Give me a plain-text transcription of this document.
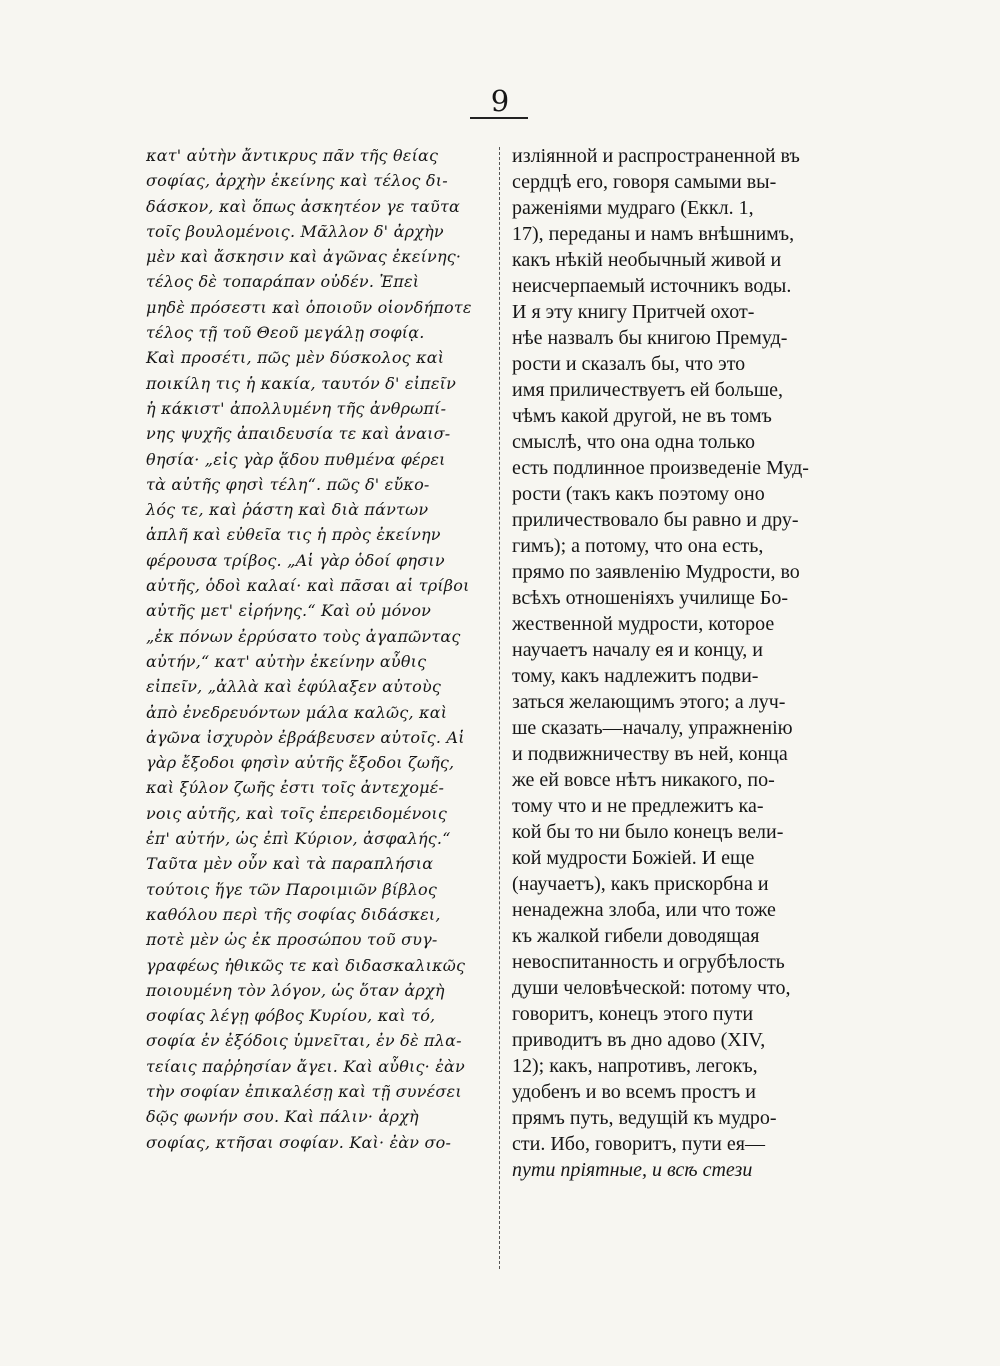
9
κατ' αὐτὴν ἄντικρυς πᾶν τῆς θείας
σοφίας, ἀρχὴν ἐκείνης καὶ τέλος δι-
δάσκον, καὶ ὅπως ἀσκητέον γε ταῦτα
τοῖς βουλομένοις. Μᾶλλον δ' ἀρχὴν
μὲν καὶ ἄσκησιν καὶ ἀγῶνας ἐκείνης·
τέλος δὲ τοπαράπαν οὐδέν. Ἐπεὶ
μηδὲ πρόσεστι καὶ ὁποιοῦν οἱονδήποτε
τέλος τῇ τοῦ Θεοῦ μεγάλῃ σοφίᾳ.
Καὶ προσέτι, πῶς μὲν δύσκολος καὶ
ποικίλη τις ἡ κακία, ταυτόν δ' εἰπεῖν
ἡ κάκιστ' ἀπολλυμένη τῆς ἀνθρωπί-
νης ψυχῆς ἀπαιδευσία τε καὶ ἀναισ-
θησία· „εἰς γὰρ ᾅδου πυθμένα φέρει
τὰ αὐτῆς φησὶ τέλη“. πῶς δ' εὔκο-
λός τε, καὶ ῥάστη καὶ διὰ πάντων
ἁπλῆ καὶ εὐθεῖα τις ἡ πρὸς ἐκείνην
φέρουσα τρίβος. „Αἱ γὰρ ὁδοί φησιν
αὐτῆς, ὁδοὶ καλαί· καὶ πᾶσαι αἱ τρίβοι
αὐτῆς μετ' εἰρήνης.“ Καὶ οὐ μόνον
„ἐκ πόνων ἐρρύσατο τοὺς ἀγαπῶντας
αὐτήν,“ κατ' αὐτὴν ἐκείνην αὖθις
εἰπεῖν, „ἀλλὰ καὶ ἐφύλαξεν αὐτοὺς
ἀπὸ ἐνεδρευόντων μάλα καλῶς, καὶ
ἀγῶνα ἰσχυρὸν ἐβράβευσεν αὐτοῖς. Αἱ
γὰρ ἔξοδοι φησὶν αὐτῆς ἔξοδοι ζωῆς,
καὶ ξύλον ζωῆς ἐστι τοῖς ἀντεχομέ-
νοις αὐτῆς, καὶ τοῖς ἐπερειδομένοις
ἐπ' αὐτήν, ὡς ἐπὶ Κύριον, ἀσφαλής.“
Ταῦτα μὲν οὖν καὶ τὰ παραπλήσια
τούτοις ἥγε τῶν Παροιμιῶν βίβλος
καθόλου περὶ τῆς σοφίας διδάσκει,
ποτὲ μὲν ὡς ἐκ προσώπου τοῦ συγ-
γραφέως ἠθικῶς τε καὶ διδασκαλικῶς
ποιουμένη τὸν λόγον, ὡς ὅταν ἀρχὴ
σοφίας λέγῃ φόβος Κυρίου, καὶ τό,
σοφία ἐν ἐξόδοις ὑμνεῖται, ἐν δὲ πλα-
τείαις παῤῥησίαν ἄγει. Καὶ αὖθις· ἐὰν
τὴν σοφίαν ἐπικαλέσῃ καὶ τῇ συνέσει
δῷς φωνήν σου. Καὶ πάλιν· ἀρχὴ
σοφίας, κτῆσαι σοφίαν. Καὶ· ἐὰν σο-
излiянной и распространенной въ
сердцѣ его, говоря самыми вы-
раженiями мудраго (Еккл. 1,
17), переданы и намъ внѣшнимъ,
какъ нѣкiй необычный живой и
неисчерпаемый источникъ воды.
И я эту книгу Притчей охот-
нѣе назвалъ бы книгою Премуд-
рости и сказалъ бы, что это
имя приличествуетъ ей больше,
чѣмъ какой другой, не въ томъ
смыслѣ, что она одна только
есть подлинное произведенiе Муд-
рости (такъ какъ поэтому оно
приличествовало бы равно и дру-
гимъ); а потому, что она есть,
прямо по заявленiю Мудрости, во
всѣхъ отношенiяхъ училище Бо-
жественной мудрости, которое
научаетъ началу ея и концу, и
тому, какъ надлежитъ подви-
заться желающимъ этого; а луч-
ше сказать—началу, упражненiю
и подвижничеству въ ней, конца
же ей вовсе нѣтъ никакого, по-
тому что и не предлежитъ ка-
кой бы то ни было конецъ вели-
кой мудрости Божiей. И еще
(научаетъ), какъ прискорбна и
ненадежна злоба, или что тоже
къ жалкой гибели доводящая
невоспитанность и огрубѣлость
души человѣческой: потому что,
говоритъ, конецъ этого пути
приводитъ въ дно адово (XIV,
12); какъ, напротивъ, легокъ,
удобенъ и во всемъ простъ и
прямъ путь, ведущiй къ мудро-
сти. Ибо, говоритъ, пути ея—
пути прiятные, и всѣ стези
